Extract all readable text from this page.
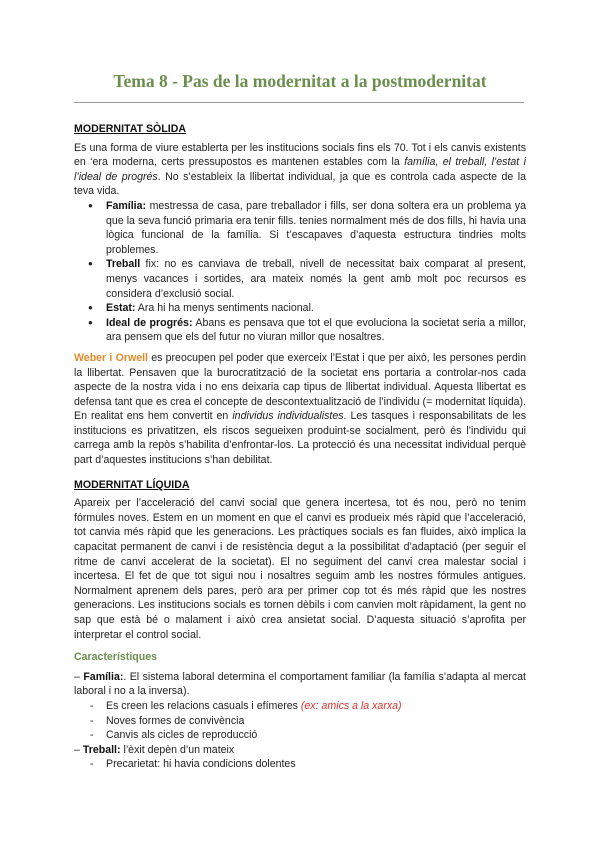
Tema 8 - Pas de la modernitat a la postmodernitat
MODERNITAT SÒLIDA

Es una forma de viure establerta per les institucions socials fins els 70. Tot i els canvis existents en ‘era moderna, certs pressupostos es mantenen estables com la família, el treball, l’estat i l’ideal de progrés. No s’estableix la llibertat individual, ja que es controla cada aspecte de la teva vida.

● Família: mestressa de casa, pare treballador i fills, ser dona soltera era un problema ya que la seva funció primaria era tenir fills. tenies normalment més de dos fills, hi havia una lògica funcional de la família. Si t’escapaves d’aquesta estructura tindries molts problemes.
● Treball fix: no es canviava de treball, nivell de necessitat baix comparat al present, menys vacances i sortides, ara mateix només la gent amb molt poc recursos es considera d’exclusió social.
● Estat: Ara hi ha menys sentiments nacional.
● Ideal de progrés: Abans es pensava que tot el que evoluciona la societat seria a millor, ara pensem que els del futur no viuran millor que nosaltres.

Weber i Orwell es preocupen pel poder que exerceix l’Estat i que per això, les persones perdin la llibertat. Pensaven que la burocratització de la societat ens portaria a controlar-nos cada aspecte de la nostra vida i no ens deixaria cap tipus de llibertat individual. Aquesta llibertat es defensa tant que es crea el concepte de descontextualització de l’individu (= modernitat líquida). En realitat ens hem convertit en individus individualistes. Les tasques i responsabilitats de les institucions es privatitzen, els riscos segueixen produint-se socialment, però és l’individu qui carrega amb la repòs s’habilita d’enfrontar-los. La protecció és una necessitat individual perquè part d’aquestes institucions s’han debilitat.

MODERNITAT LÍQUIDA

Apareix per l’acceleració del canvi social que genera incertesa, tot és nou, però no tenim fórmules noves. Estem en un moment en que el canvi es produeix més ràpid que l’acceleració, tot canvia més ràpid que les generacions. Les pràctiques socials es fan fluides, això implica la capacitat permanent de canvi i de resistència degut a la possibilitat d’adaptació (per seguir el ritme de canvi accelerat de la societat). El no seguiment del canvi crea malestar social i incertesa. El fet de que tot sigui nou i nosaltres seguim amb les nostres fórmules antigues. Normalment aprenem dels pares, però ara per primer cop tot és més ràpid que les nostres generacions. Les institucions socials es tornen dèbils i com canvien molt ràpidament, la gent no sap que està bé o malament i això crea ansietat social. D’aquesta situació s’aprofita per interpretar el control social.

Característiques

– Família:. El sistema laboral determina el comportament familiar (la família s’adapta al mercat laboral i no a la inversa).

- Es creen les relacions casuals i efímeres (ex: amics a la xarxa)
- Noves formes de convivència
- Canvis als cicles de reproducció

– Treball: l’èxit depèn d’un mateix

- Precarietat: hi havia condicions dolentes
